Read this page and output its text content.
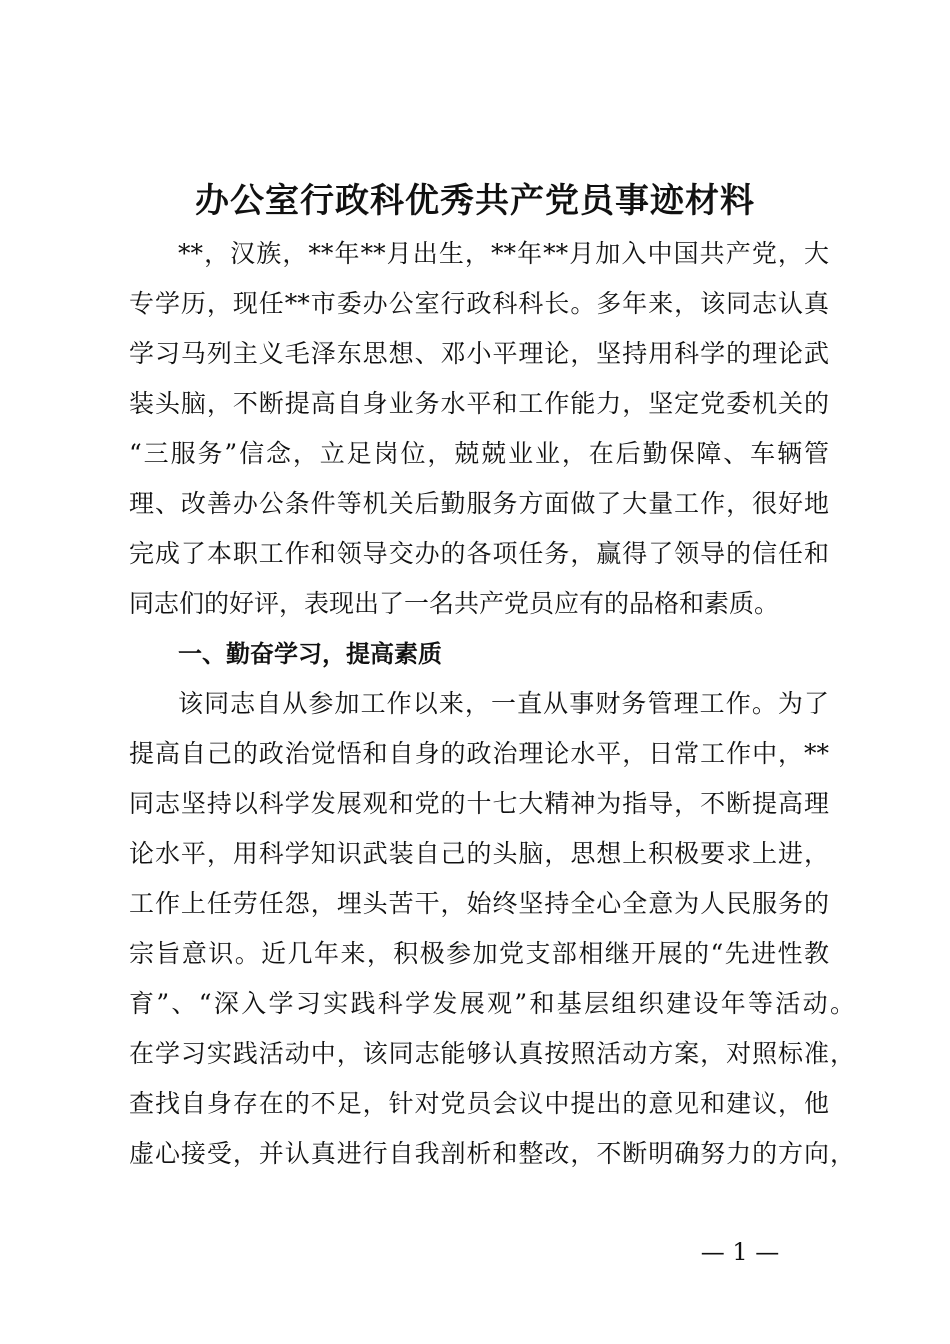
办公室行政科优秀共产党员事迹材料
**，汉族，**年**月出生，**年**月加入中国共产党，大
专学历，现任**市委办公室行政科科长。多年来，该同志认真
学习马列主义毛泽东思想、邓小平理论，坚持用科学的理论武
装头脑，不断提高自身业务水平和工作能力，坚定党委机关的
“三服务”信念，立足岗位，兢兢业业，在后勤保障、车辆管
理、改善办公条件等机关后勤服务方面做了大量工作，很好地
完成了本职工作和领导交办的各项任务，赢得了领导的信任和
同志们的好评，表现出了一名共产党员应有的品格和素质。
一、勤奋学习，提高素质
该同志自从参加工作以来，一直从事财务管理工作。为了
提高自己的政治觉悟和自身的政治理论水平，日常工作中，**
同志坚持以科学发展观和党的十七大精神为指导，不断提高理
论水平，用科学知识武装自己的头脑，思想上积极要求上进，
工作上任劳任怨，埋头苦干，始终坚持全心全意为人民服务的
宗旨意识。近几年来，积极参加党支部相继开展的“先进性教
育”、“深入学习实践科学发展观”和基层组织建设年等活动。
在学习实践活动中，该同志能够认真按照活动方案，对照标准，
查找自身存在的不足，针对党员会议中提出的意见和建议，他
虚心接受，并认真进行自我剖析和整改，不断明确努力的方向，
— 1 —
